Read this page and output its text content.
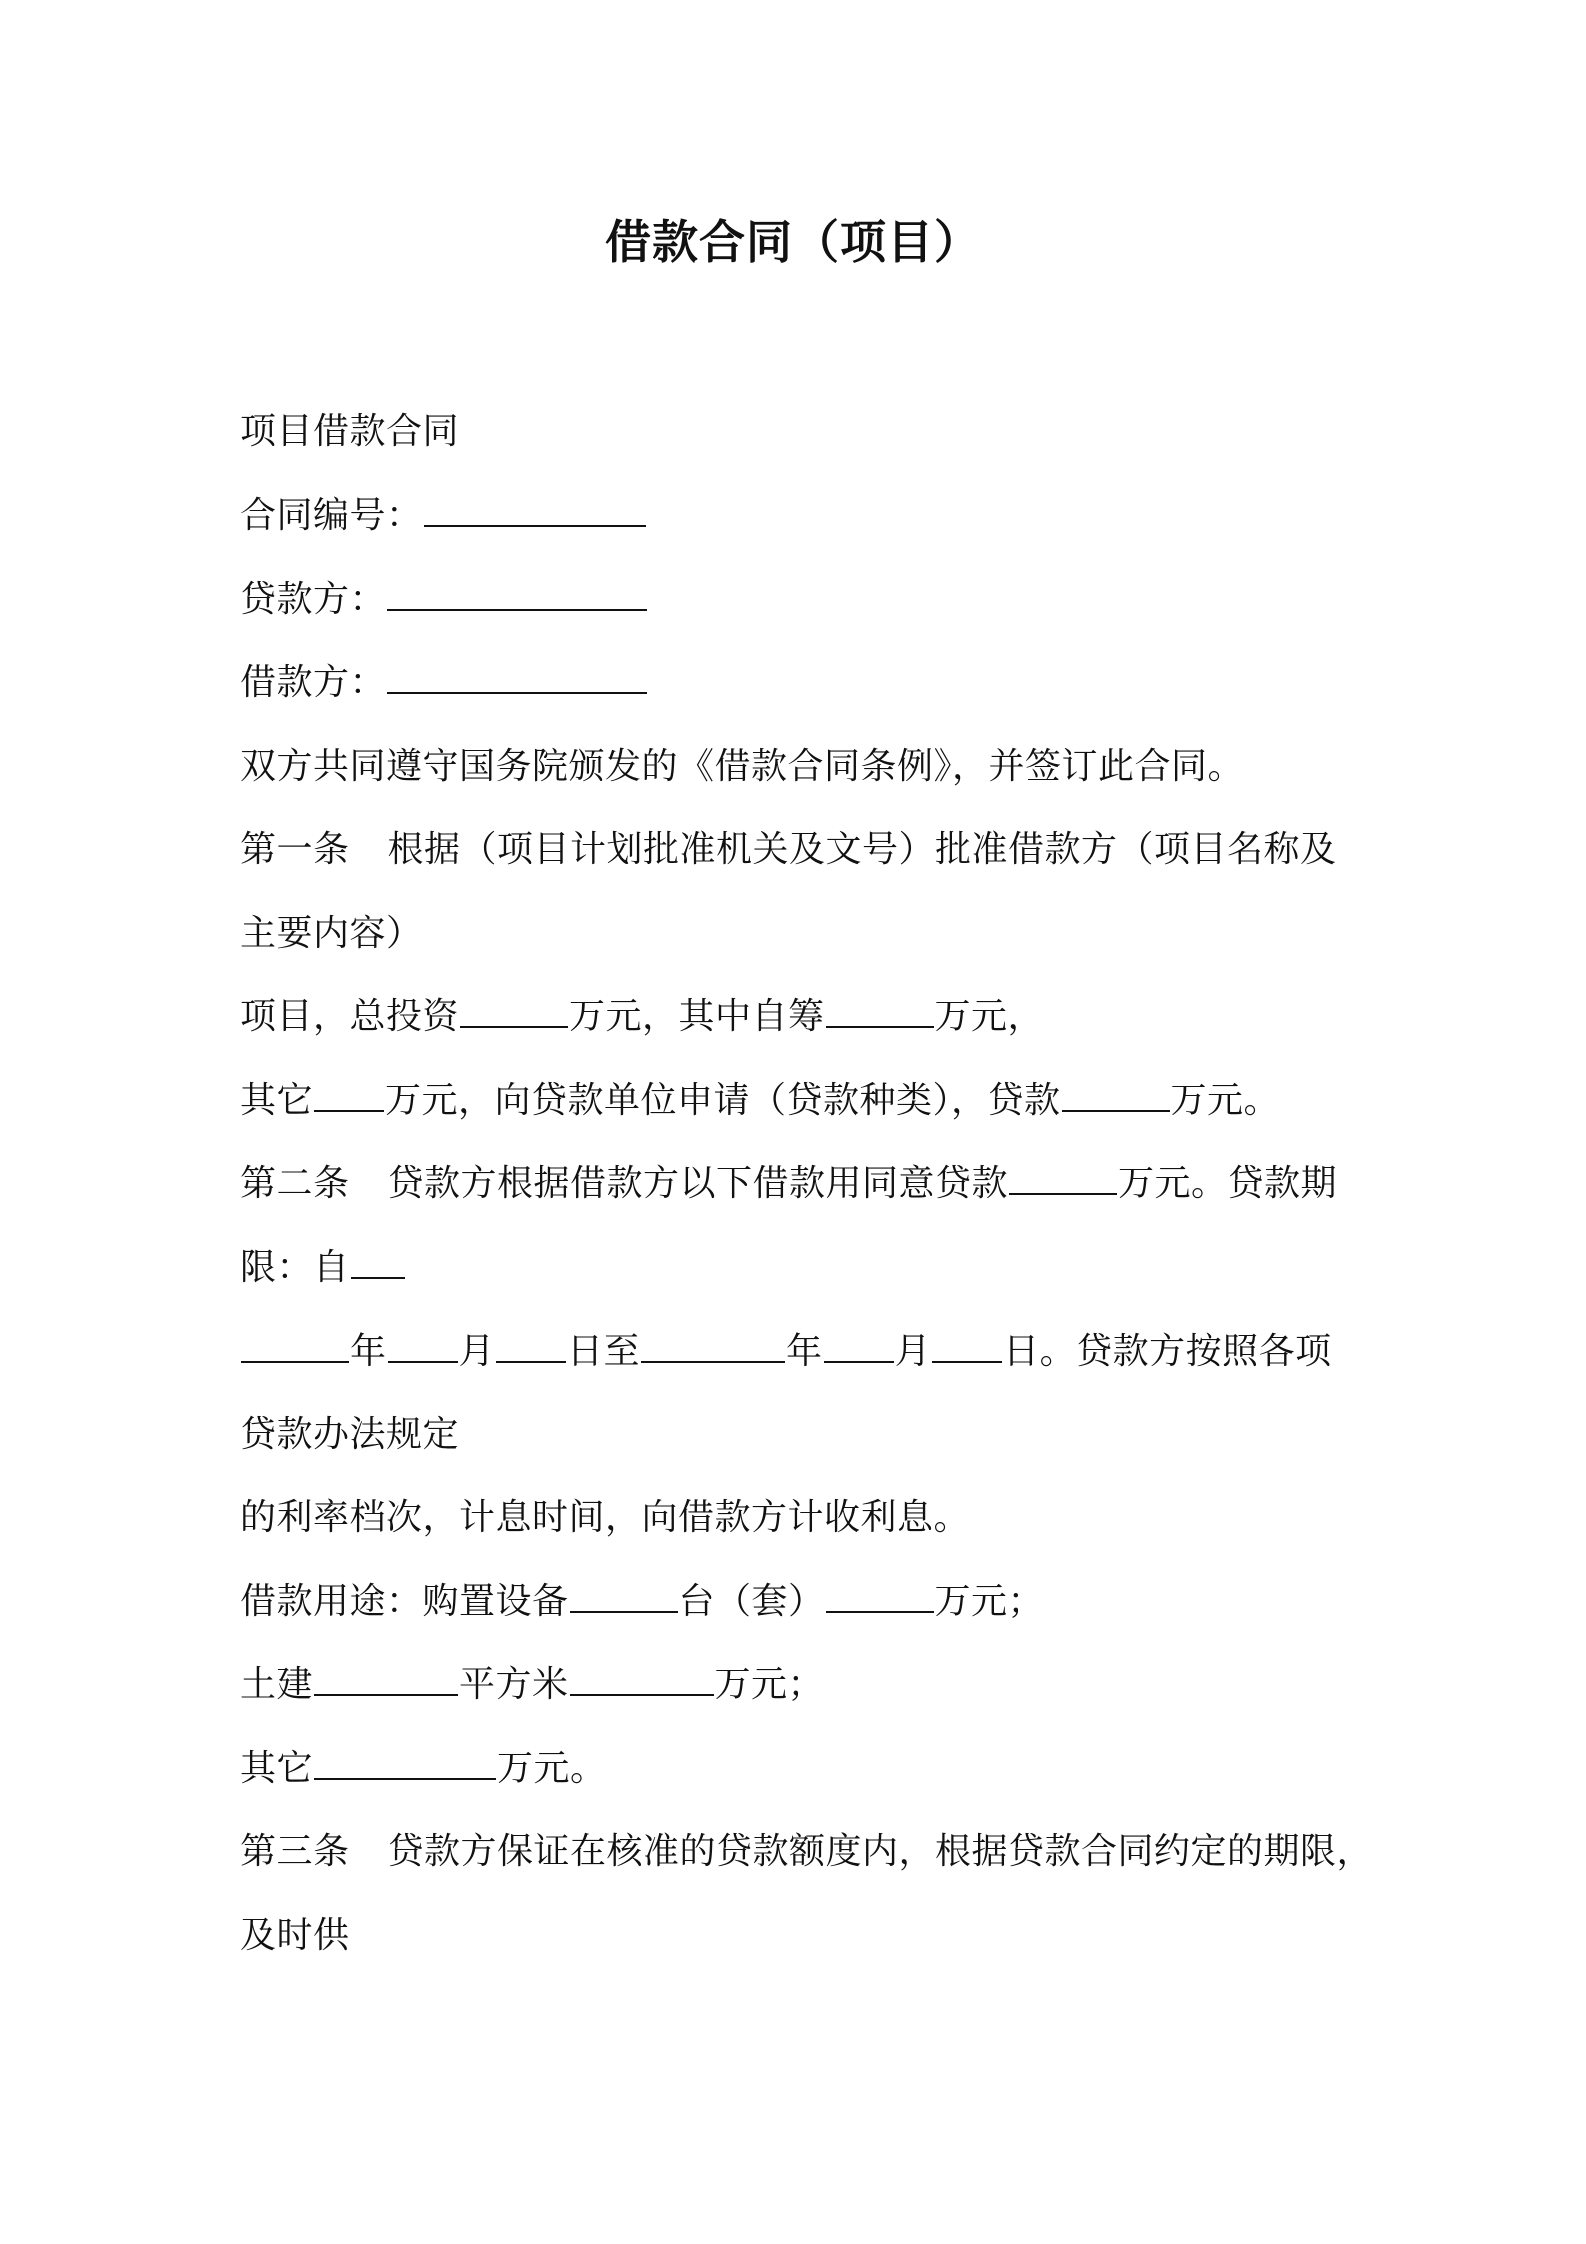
借款合同（项目）
项目借款合同
合同编号：
贷款方：
借款方：
双方共同遵守国务院颁发的《借款合同条例》，并签订此合同。
第一条 根据（项目计划批准机关及文号）批准借款方（项目名称及
主要内容）
项目，总投资	万元，其中自筹	万元，
其它 万元，向贷款单位申请（贷款种类），贷款	万元。
第二条 贷款方根据借款方以下借款用同意贷款	万元。贷款期
限：自
年 月 日至	年 月 日。贷款方按照各项
贷款办法规定
的利率档次，计息时间，向借款方计收利息。
借款用途：购置设备	台（套）	万元；
土建	平方米	万元；
其它	万元。
第三条 贷款方保证在核准的贷款额度内，根据贷款合同约定的期限，
及时供
